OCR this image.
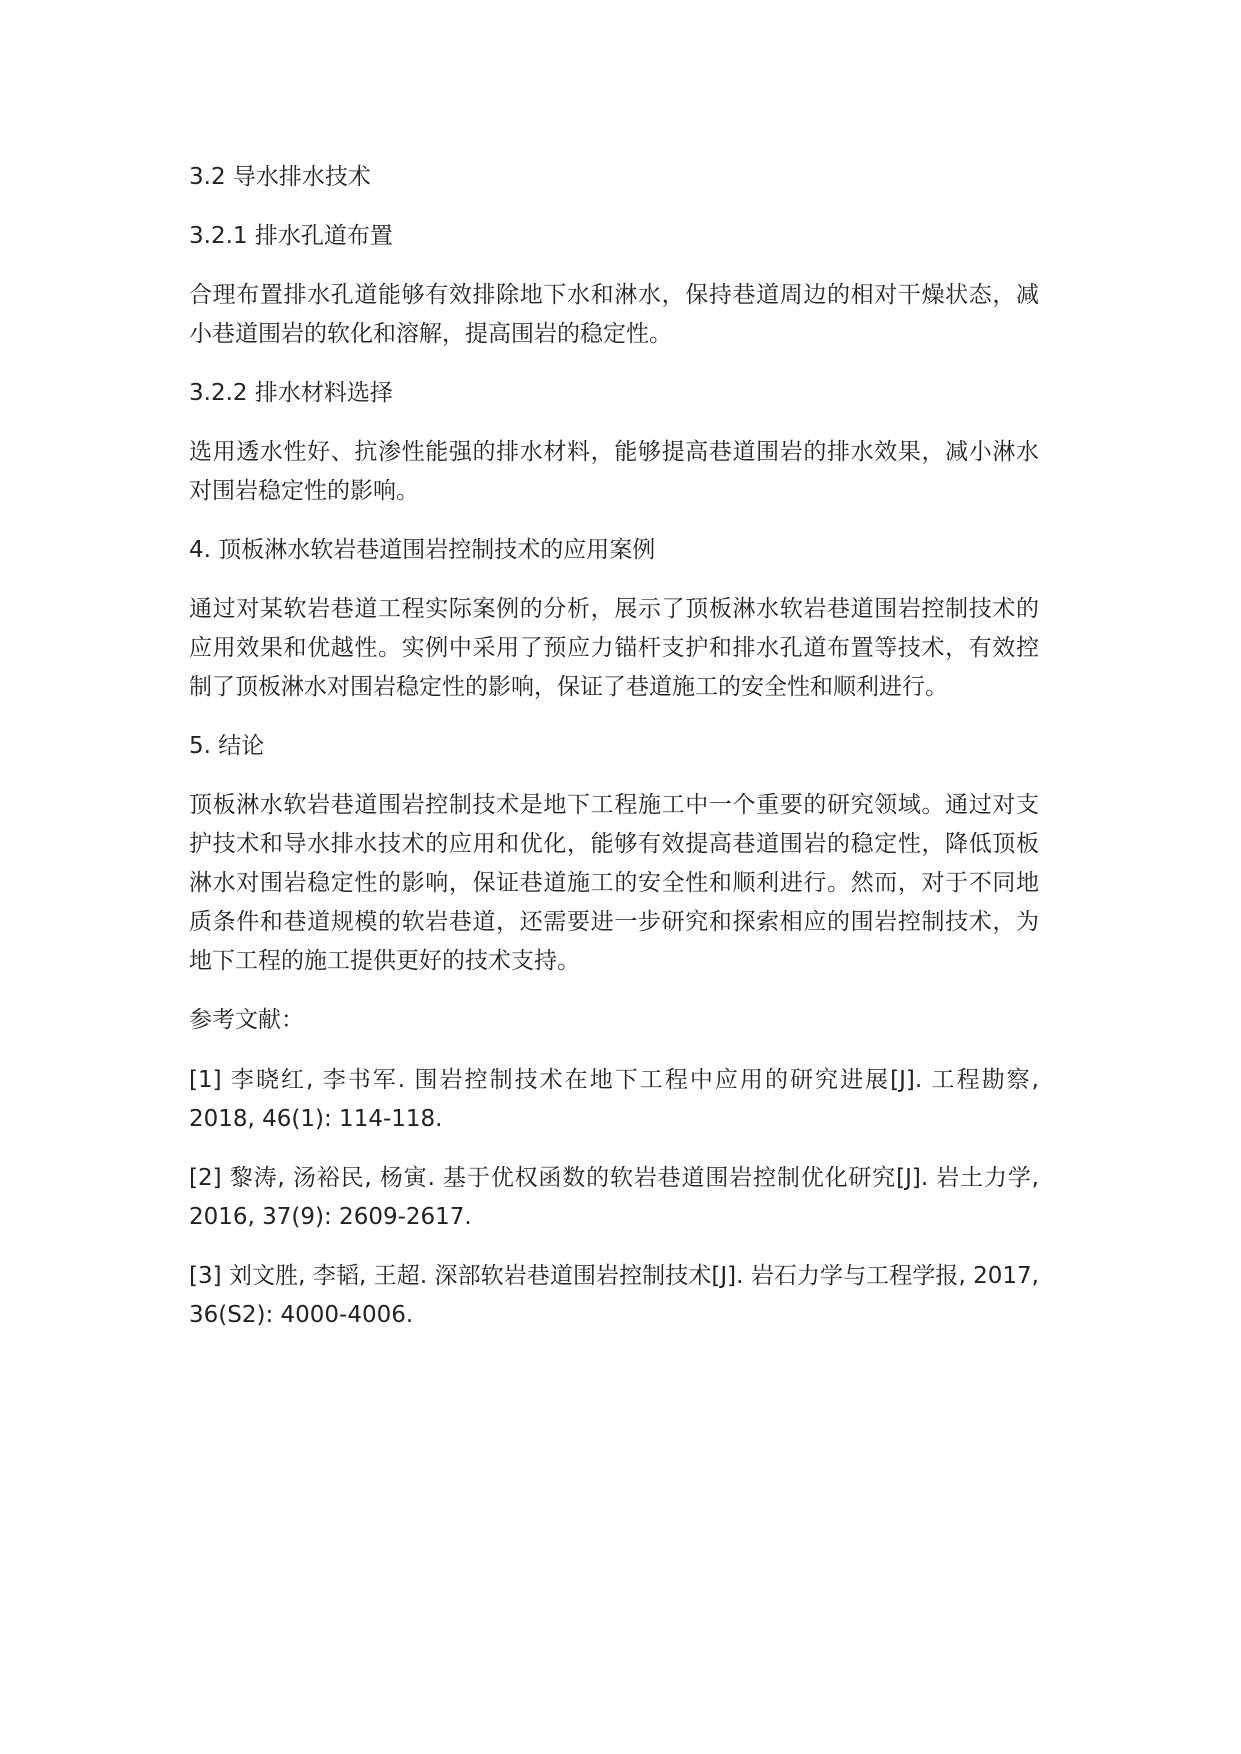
3.2 导水排水技术

3.2.1 排水孔道布置

合理布置排水孔道能够有效排除地下水和淋水，保持巷道周边的相对干燥状态，减小巷道围岩的软化和溶解，提高围岩的稳定性。

3.2.2 排水材料选择

选用透水性好、抗渗性能强的排水材料，能够提高巷道围岩的排水效果，减小淋水对围岩稳定性的影响。

4. 顶板淋水软岩巷道围岩控制技术的应用案例

通过对某软岩巷道工程实际案例的分析，展示了顶板淋水软岩巷道围岩控制技术的应用效果和优越性。实例中采用了预应力锚杆支护和排水孔道布置等技术，有效控制了顶板淋水对围岩稳定性的影响，保证了巷道施工的安全性和顺利进行。

5. 结论

顶板淋水软岩巷道围岩控制技术是地下工程施工中一个重要的研究领域。通过对支护技术和导水排水技术的应用和优化，能够有效提高巷道围岩的稳定性，降低顶板淋水对围岩稳定性的影响，保证巷道施工的安全性和顺利进行。然而，对于不同地质条件和巷道规模的软岩巷道，还需要进一步研究和探索相应的围岩控制技术，为地下工程的施工提供更好的技术支持。

参考文献：

[1] 李晓红, 李书军. 围岩控制技术在地下工程中应用的研究进展[J]. 工程勘察, 2018, 46(1): 114-118.

[2] 黎涛, 汤裕民, 杨寅. 基于优权函数的软岩巷道围岩控制优化研究[J]. 岩土力学, 2016, 37(9): 2609-2617.

[3] 刘文胜, 李韬, 王超. 深部软岩巷道围岩控制技术[J]. 岩石力学与工程学报, 2017, 36(S2): 4000-4006.
